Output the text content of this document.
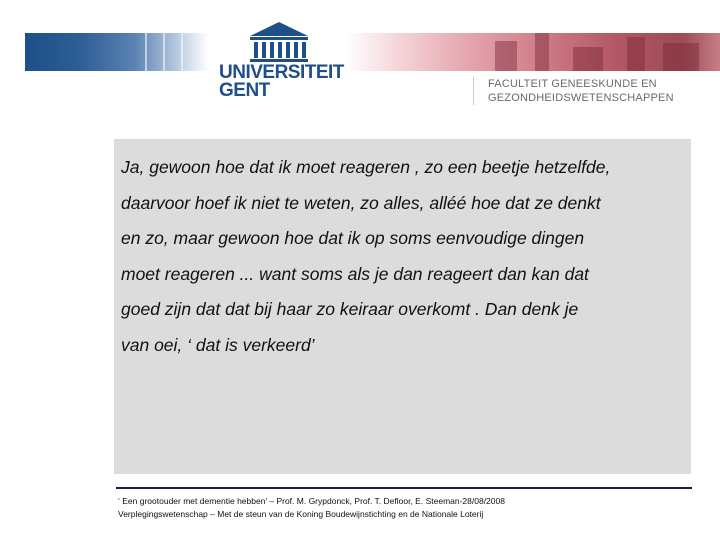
UNIVERSITEIT
GENT	FACULTEIT GENEESKUNDE EN
GEZONDHEIDSWETENSCHAPPEN
Ja, gewoon hoe dat ik moet reageren , zo een beetje hetzelfde,
daarvoor hoef ik niet te weten, zo alles, alléé hoe dat ze denkt
en zo, maar gewoon hoe dat ik op soms eenvoudige dingen
moet reageren ... want soms als je dan reageert dan kan dat
goed zijn dat dat bij haar zo keiraar overkomt . Dan denk je
van oei, ‘ dat is verkeerd’
‘ Een grootouder met dementie hebben’ – Prof. M. Grypdonck, Prof. T. Defloor, E. Steeman-28/08/2008
Verplegingswetenschap – Met de steun van de Koning Boudewijnstichting en de Nationale Loterij
